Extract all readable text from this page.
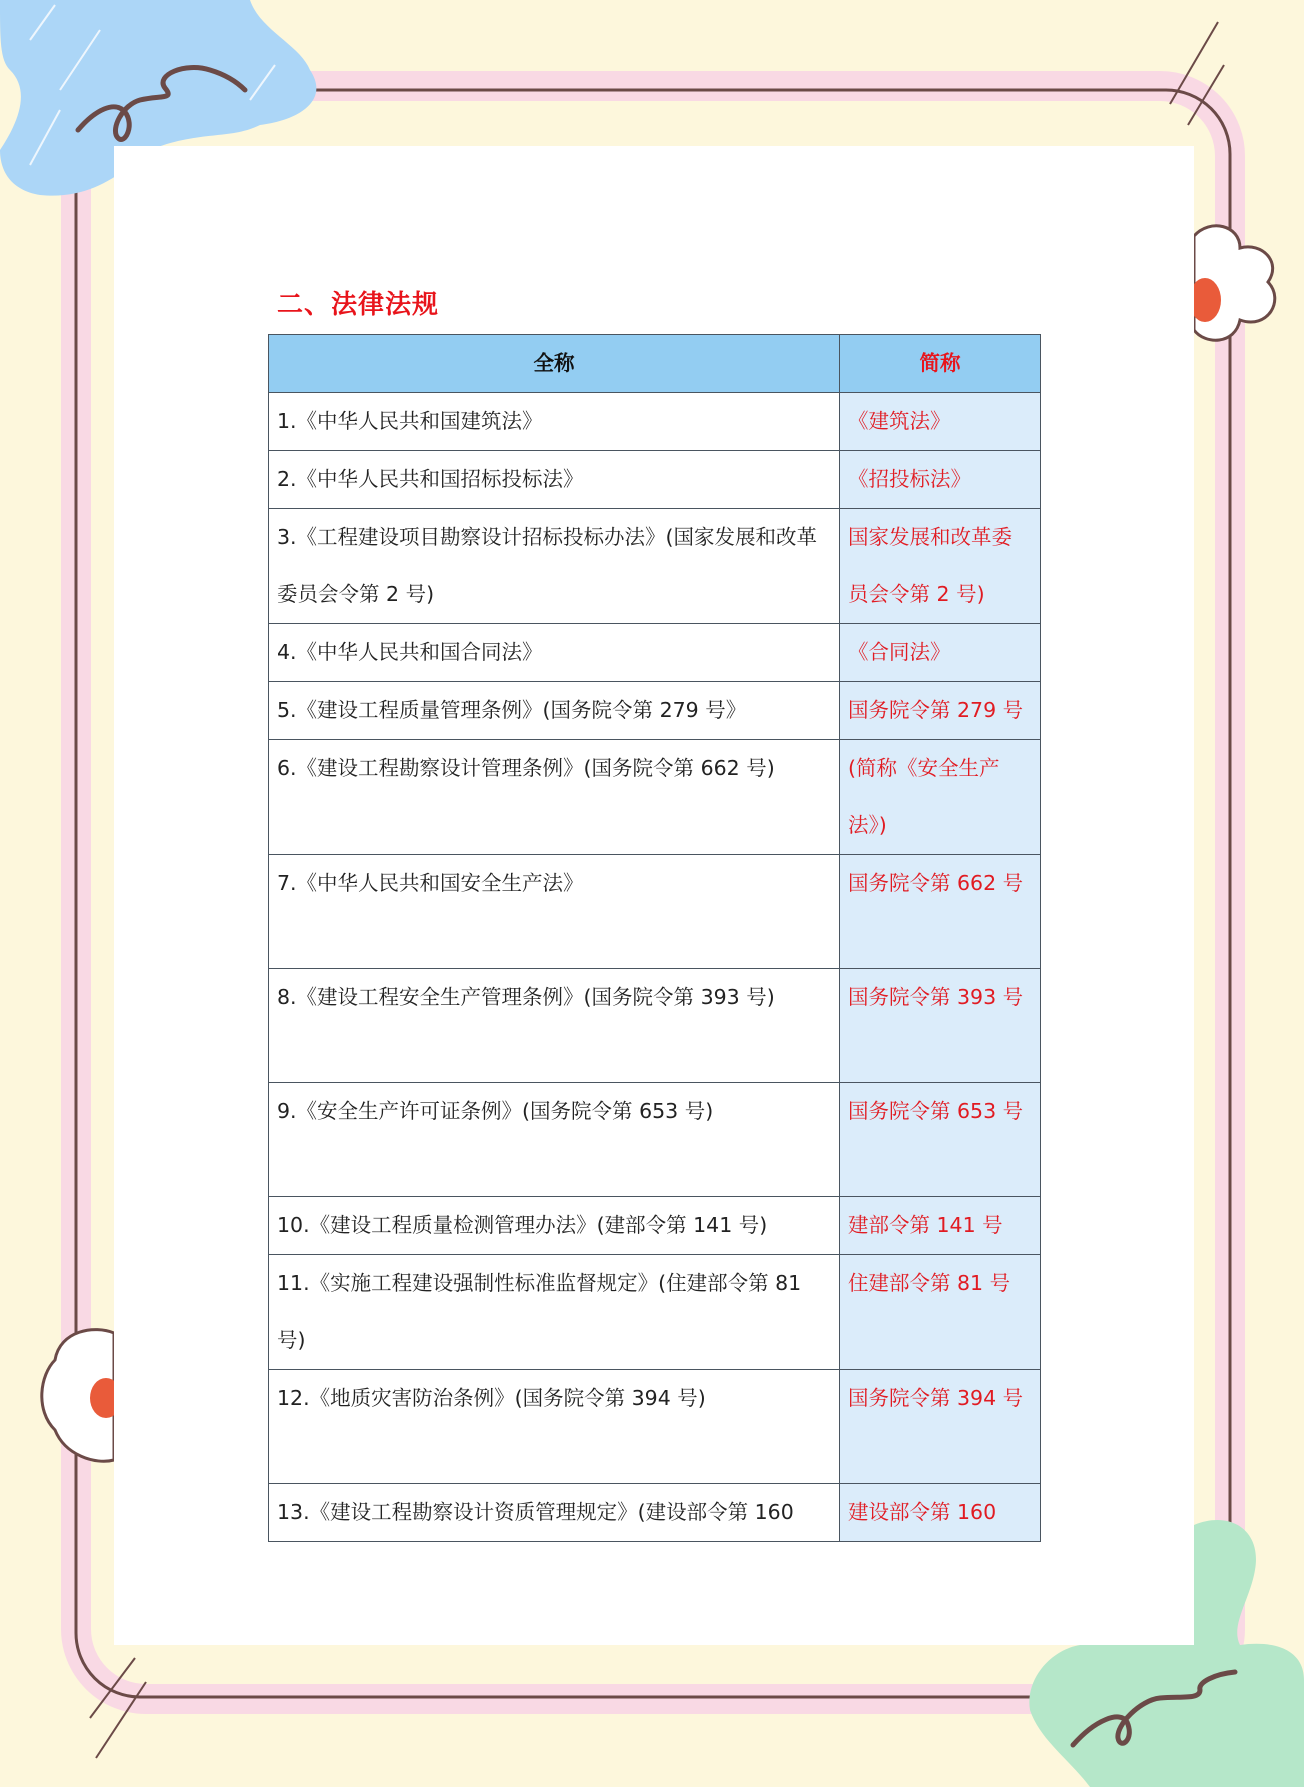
二、法律法规
全称	简称
1.《中华人民共和国建筑法》	《建筑法》
2.《中华人民共和国招标投标法》	《招投标法》
3.《工程建设项目勘察设计招标投标办法》(国家发展和改革委员会令第 2 号)	国家发展和改革委员会令第 2 号)
4.《中华人民共和国合同法》	《合同法》
5.《建设工程质量管理条例》(国务院令第 279 号》	国务院令第 279 号
6.《建设工程勘察设计管理条例》(国务院令第 662 号)	(简称《安全生产法》)
7.《中华人民共和国安全生产法》	国务院令第 662 号
8.《建设工程安全生产管理条例》(国务院令第 393 号)	国务院令第 393 号
9.《安全生产许可证条例》(国务院令第 653 号)	国务院令第 653 号
10.《建设工程质量检测管理办法》(建部令第 141 号)	建部令第 141 号
11.《实施工程建设强制性标准监督规定》(住建部令第 81 号)	住建部令第 81 号
12.《地质灾害防治条例》(国务院令第 394 号)	国务院令第 394 号
13.《建设工程勘察设计资质管理规定》(建设部令第 160	建设部令第 160
